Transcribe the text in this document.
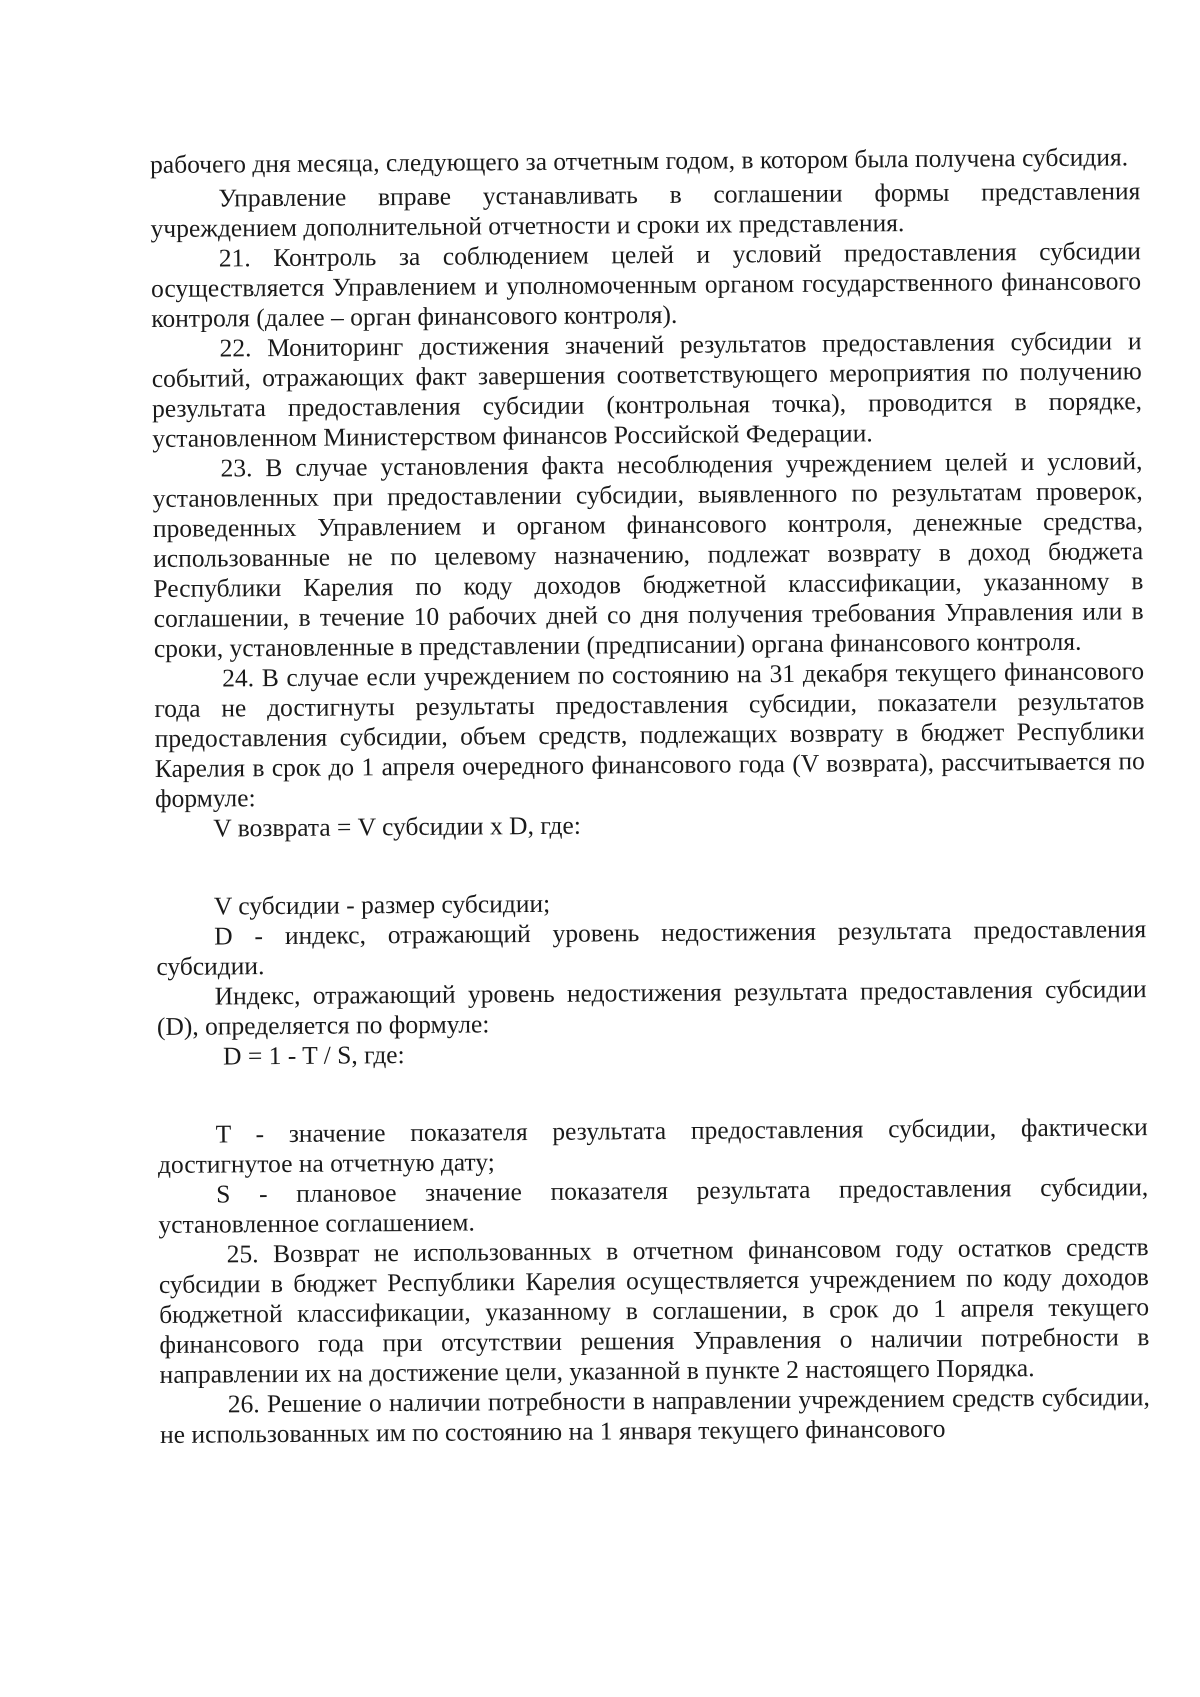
рабочего дня месяца, следующего за отчетным годом, в котором была получена субсидия.

Управление вправе устанавливать в соглашении формы представления учреждением дополнительной отчетности и сроки их представления.

21. Контроль за соблюдением целей и условий предоставления субсидии осуществляется Управлением и уполномоченным органом государственного финансового контроля (далее – орган финансового контроля).

22. Мониторинг достижения значений результатов предоставления субсидии и событий, отражающих факт завершения соответствующего мероприятия по получению результата предоставления субсидии (контрольная точка), проводится в порядке, установленном Министерством финансов Российской Федерации.

23. В случае установления факта несоблюдения учреждением целей и условий, установленных при предоставлении субсидии, выявленного по результатам проверок, проведенных Управлением и органом финансового контроля, денежные средства, использованные не по целевому назначению, подлежат возврату в доход бюджета Республики Карелия по коду доходов бюджетной классификации, указанному в соглашении, в течение 10 рабочих дней со дня получения требования Управления или в сроки, установленные в представлении (предписании) органа финансового контроля.

24. В случае если учреждением по состоянию на 31 декабря текущего финансового года не достигнуты результаты предоставления субсидии, показатели результатов предоставления субсидии, объем средств, подлежащих возврату в бюджет Республики Карелия в срок до 1 апреля очередного финансового года (V возврата), рассчитывается по формуле:

V возврата = V субсидии x D, где:

V субсидии - размер субсидии;

D - индекс, отражающий уровень недостижения результата предоставления субсидии.

Индекс, отражающий уровень недостижения результата предоставления субсидии (D), определяется по формуле:

D = 1 - T / S, где:

T - значение показателя результата предоставления субсидии, фактически достигнутое на отчетную дату;

S - плановое значение показателя результата предоставления субсидии, установленное соглашением.

25. Возврат не использованных в отчетном финансовом году остатков средств субсидии в бюджет Республики Карелия осуществляется учреждением по коду доходов бюджетной классификации, указанному в соглашении, в срок до 1 апреля текущего финансового года при отсутствии решения Управления о наличии потребности в направлении их на достижение цели, указанной в пункте 2 настоящего Порядка.

26. Решение о наличии потребности в направлении учреждением средств субсидии, не использованных им по состоянию на 1 января текущего финансового
